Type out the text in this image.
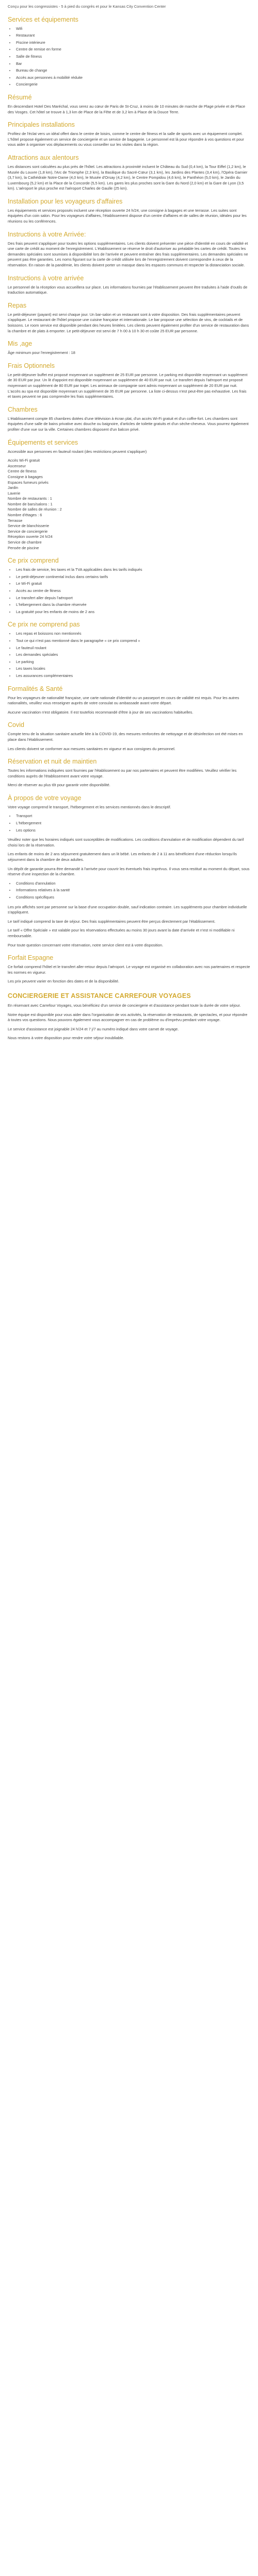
Conçu pour les congressistes - 5 à pied du congrès et pour le Kansas City Convention Center

Services et équipements
• Wifi
• Restaurant
• Piscine intérieure
• Centre de remise en forme
• Salle de fitness
• Bar
• Bureau de change
• Accès aux personnes à mobilité réduite
• Conciergerie
Résumé

En descendant Hotel Des Maréchal, vous serez au cœur de Paris de St-Cruz, à moins de 10 minutes de marche de Plage privée et de Place des Vosges. Cet hôtel se trouve à 1,3 km de Place de la Fête et de 3,2 km à Place de la Douce Terre.

Principales installations

Profitez de l'éclat vers un idéal offert dans le centre de loisirs, comme le centre de fitness et la salle de sports avec un équipement complet. L'hôtel propose également un service de conciergerie et un service de bagagerie. Le personnel est là pour répondre à vos questions et pour vous aider à organiser vos déplacements ou vous conseiller sur les visites dans la région.

Attractions aux alentours

Les distances sont calculées au plus près de l'hôtel. Les attractions à proximité incluent le Château du Sud (0,4 km), la Tour Eiffel (1,2 km), le Musée du Louvre (1,8 km), l'Arc de Triomphe (2,3 km), la Basilique du Sacré-Cœur (3,1 km), les Jardins des Plantes (3,4 km), l'Opéra Garnier (3,7 km), la Cathédrale Notre-Dame (4,0 km), le Musée d'Orsay (4,2 km), le Centre Pompidou (4,6 km), le Panthéon (5,0 km), le Jardin du Luxembourg (5,2 km) et la Place de la Concorde (5,5 km). Les gares les plus proches sont la Gare du Nord (2,0 km) et la Gare de Lyon (3,5 km). L'aéroport le plus proche est l'aéroport Charles de Gaulle (25 km).

Installation pour les voyageurs d'affaires

Les équipements et services proposés incluent une réception ouverte 24 h/24, une consigne à bagages et une terrasse. Les suites sont équipées d'un coin salon. Pour les voyageurs d'affaires, l'établissement dispose d'un centre d'affaires et de salles de réunion, idéales pour les réunions ou les conférences.

Instructions à votre Arrivée:

Des frais peuvent s'appliquer pour toutes les options supplémentaires. Les clients doivent présenter une pièce d'identité en cours de validité et une carte de crédit au moment de l'enregistrement. L'établissement se réserve le droit d'autoriser au préalable les cartes de crédit. Toutes les demandes spéciales sont soumises à disponibilité lors de l'arrivée et peuvent entraîner des frais supplémentaires. Les demandes spéciales ne peuvent pas être garanties. Les noms figurant sur la carte de crédit utilisée lors de l'enregistrement doivent correspondre à ceux de la réservation. En raison de la pandémie, les clients doivent porter un masque dans les espaces communs et respecter la distanciation sociale.

Instructions à votre arrivée

Le personnel de la réception vous accueillera sur place. Les informations fournies par l'établissement peuvent être traduites à l'aide d'outils de traduction automatique.

Repas

Le petit-déjeuner (payant) est servi chaque jour. Un bar-salon et un restaurant sont à votre disposition. Des frais supplémentaires peuvent s'appliquer. Le restaurant de l'hôtel propose une cuisine française et internationale. Le bar propose une sélection de vins, de cocktails et de boissons. Le room service est disponible pendant des heures limitées. Les clients peuvent également profiter d'un service de restauration dans la chambre et de plats à emporter. Le petit-déjeuner est servi de 7 h 00 à 10 h 30 et coûte 25 EUR par personne.

Mis ,age

Âge minimum pour l'enregistrement : 18

Frais Optionnels

Le petit-déjeuner buffet est proposé moyennant un supplément de 25 EUR par personne. Le parking est disponible moyennant un supplément de 30 EUR par jour. Un lit d'appoint est disponible moyennant un supplément de 40 EUR par nuit. Le transfert depuis l'aéroport est proposé moyennant un supplément de 80 EUR par trajet. Les animaux de compagnie sont admis moyennant un supplément de 20 EUR par nuit. L'accès au spa est disponible moyennant un supplément de 35 EUR par personne. La liste ci-dessus n'est peut-être pas exhaustive. Les frais et taxes peuvent ne pas comprendre les frais supplémentaires.

Chambres

L'établissement compte 85 chambres dotées d'une télévision à écran plat, d'un accès Wi-Fi gratuit et d'un coffre-fort. Les chambres sont équipées d'une salle de bains privative avec douche ou baignoire, d'articles de toilette gratuits et d'un sèche-cheveux. Vous pourrez également profiter d'une vue sur la ville. Certaines chambres disposent d'un balcon privé.

Équipements et services

Accessible aux personnes en fauteuil roulant (des restrictions peuvent s'appliquer)

Accès Wi-Fi gratuit
Ascenseur
Centre de fitness
Consigne à bagages
Espaces fumeurs privés
Jardin
Laverie
Nombre de restaurants : 1
Nombre de bars/salons : 1
Nombre de salles de réunion : 2
Nombre d'étages : 6
Terrasse
Service de blanchisserie
Service de conciergerie
Réception ouverte 24 h/24
Service de chambre
Pensée de piscine

Ce prix comprend
• Les frais de service, les taxes et la TVA applicables dans les tarifs indiqués
• Le petit-déjeuner continental inclus dans certains tarifs
• Le Wi-Fi gratuit
• Accès au centre de fitness
• Le transfert aller depuis l'aéroport
• L'hébergement dans la chambre réservée
• La gratuité pour les enfants de moins de 2 ans
Ce prix ne comprend pas
• Les repas et boissons non mentionnés
• Tout ce qui n'est pas mentionné dans le paragraphe « ce prix comprend »
• Le fauteuil roulant
• Les demandes spéciales
• Le parking
• Les taxes locales
• Les assurances complémentaires
Formalités & Santé

Pour les voyageurs de nationalité française, une carte nationale d'identité ou un passeport en cours de validité est requis. Pour les autres nationalités, veuillez vous renseigner auprès de votre consulat ou ambassade avant votre départ.

Aucune vaccination n'est obligatoire. Il est toutefois recommandé d'être à jour de ses vaccinations habituelles.

Covid

Compte tenu de la situation sanitaire actuelle liée à la COVID-19, des mesures renforcées de nettoyage et de désinfection ont été mises en place dans l'établissement.

Les clients doivent se conformer aux mesures sanitaires en vigueur et aux consignes du personnel.

Réservation et nuit de maintien

Toutes les informations indiquées sont fournies par l'établissement ou par nos partenaires et peuvent être modifiées. Veuillez vérifier les conditions auprès de l'établissement avant votre voyage.

Merci de réserver au plus tôt pour garantir votre disponibilité.

À propos de votre voyage

Votre voyage comprend le transport, l'hébergement et les services mentionnés dans le descriptif.

• Transport
• L'hébergement
• Les options

Veuillez noter que les horaires indiqués sont susceptibles de modifications. Les conditions d'annulation et de modification dépendent du tarif choisi lors de la réservation.

Les enfants de moins de 2 ans séjournent gratuitement dans un lit bébé. Les enfants de 2 à 11 ans bénéficient d'une réduction lorsqu'ils séjournent dans la chambre de deux adultes.

Un dépôt de garantie pourra être demandé à l'arrivée pour couvrir les éventuels frais imprévus. Il vous sera restitué au moment du départ, sous réserve d'une inspection de la chambre.

• Conditions d'annulation
• Informations relatives à la santé
• Conditions spécifiques

Les prix affichés sont par personne sur la base d'une occupation double, sauf indication contraire. Les suppléments pour chambre individuelle s'appliquent.

Le tarif indiqué comprend la taxe de séjour. Des frais supplémentaires peuvent être perçus directement par l'établissement.

Le tarif « Offre Spéciale » est valable pour les réservations effectuées au moins 30 jours avant la date d'arrivée et n'est ni modifiable ni remboursable.

Pour toute question concernant votre réservation, notre service client est à votre disposition.

Forfait Espagne

Ce forfait comprend l'hôtel et le transfert aller-retour depuis l'aéroport. Le voyage est organisé en collaboration avec nos partenaires et respecte les normes en vigueur.

Les prix peuvent varier en fonction des dates et de la disponibilité.

CONCIERGERIE ET ASSISTANCE CARREFOUR VOYAGES

En réservant avec Carrefour Voyages, vous bénéficiez d'un service de conciergerie et d'assistance pendant toute la durée de votre séjour.

Notre équipe est disponible pour vous aider dans l'organisation de vos activités, la réservation de restaurants, de spectacles, et pour répondre à toutes vos questions. Nous pouvons également vous accompagner en cas de problème ou d'imprévu pendant votre voyage.

Le service d'assistance est joignable 24 h/24 et 7 j/7 au numéro indiqué dans votre carnet de voyage.

Nous restons à votre disposition pour rendre votre séjour inoubliable.
